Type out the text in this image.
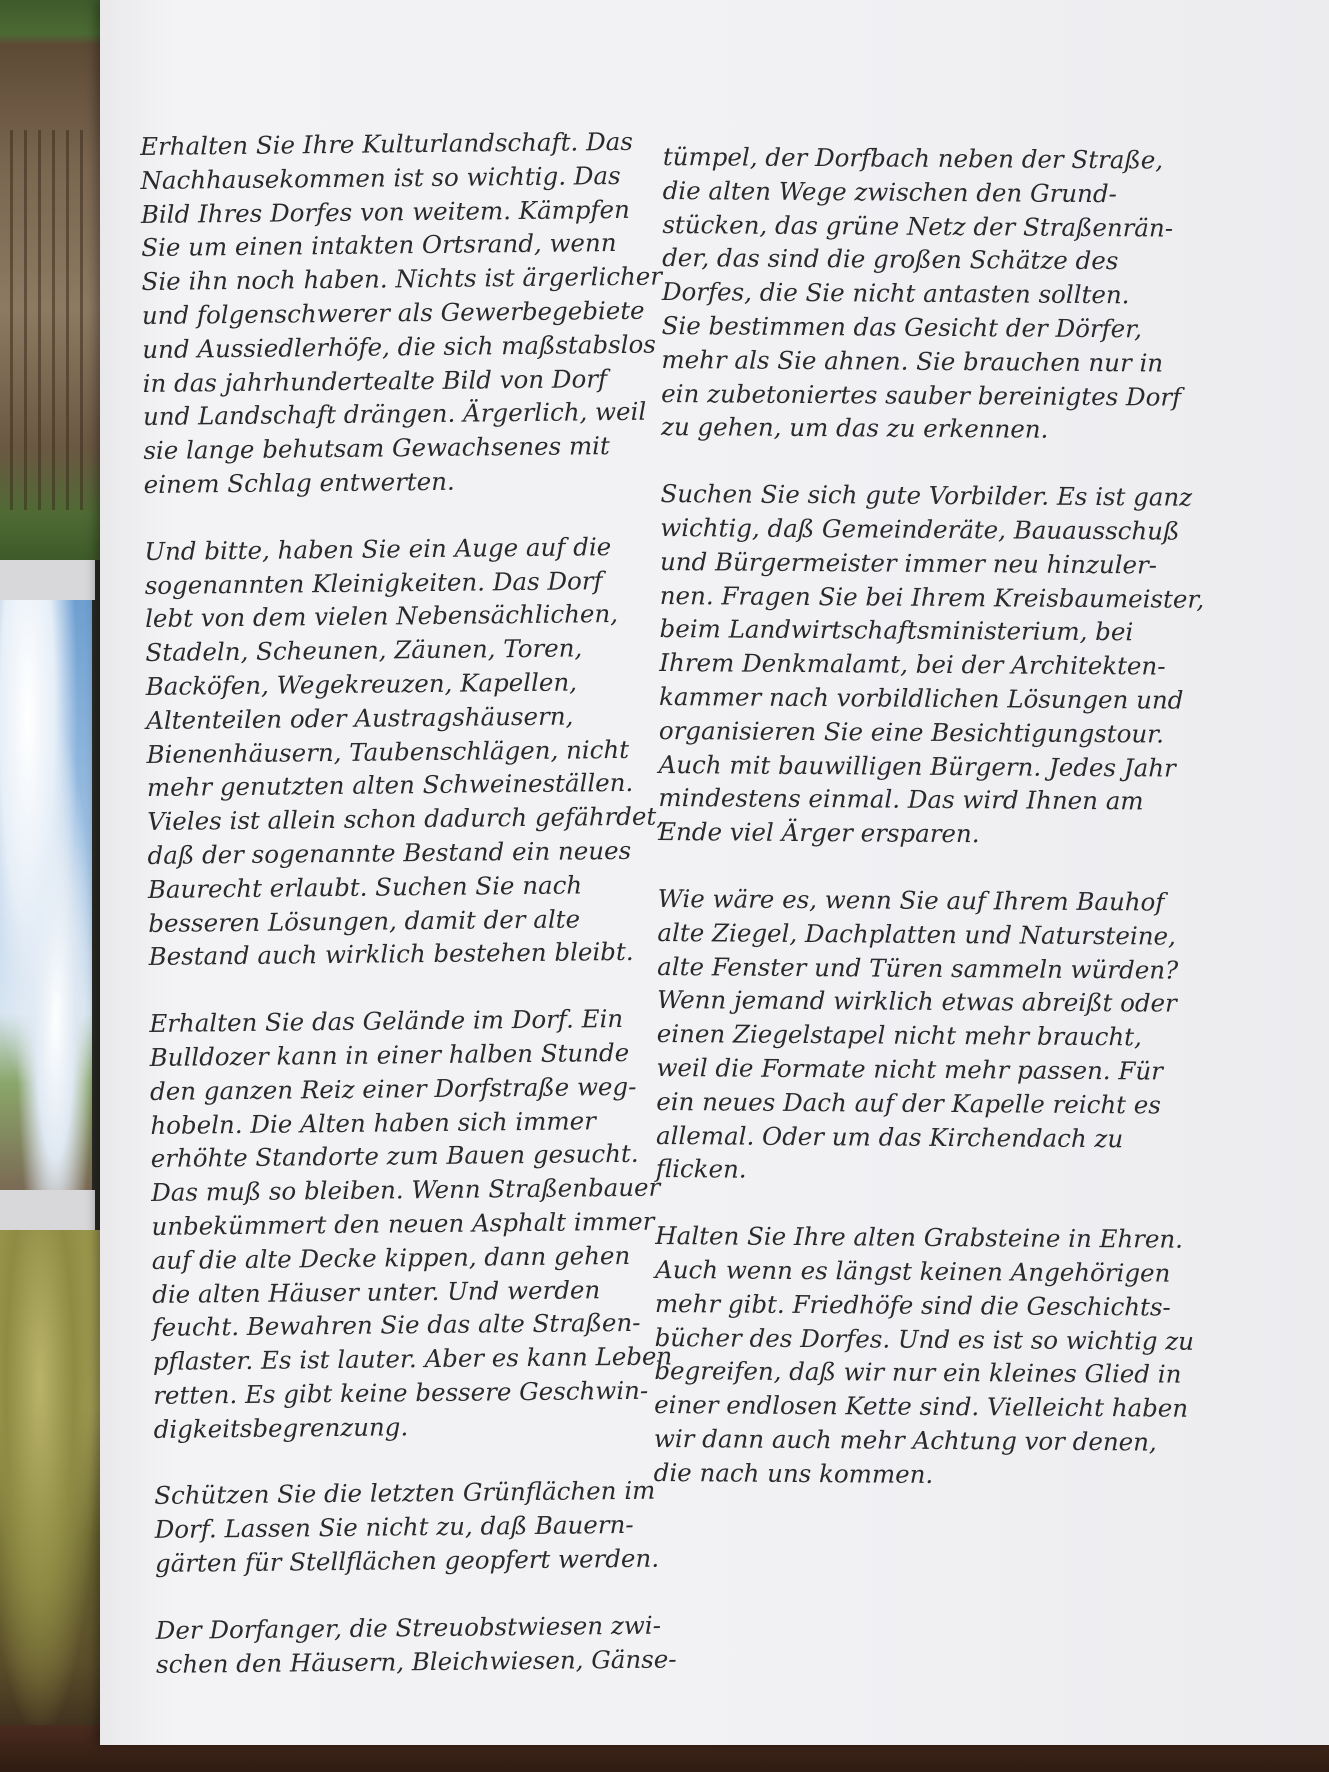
Erhalten Sie Ihre Kulturlandschaft. Das
Nachhausekommen ist so wichtig. Das
Bild Ihres Dorfes von weitem. Kämpfen
Sie um einen intakten Ortsrand, wenn
Sie ihn noch haben. Nichts ist ärgerlicher
und folgenschwerer als Gewerbegebiete
und Aussiedlerhöfe, die sich maßstabslos
in das jahrhundertealte Bild von Dorf
und Landschaft drängen. Ärgerlich, weil
sie lange behutsam Gewachsenes mit
einem Schlag entwerten.

Und bitte, haben Sie ein Auge auf die
sogenannten Kleinigkeiten. Das Dorf
lebt von dem vielen Nebensächlichen,
Stadeln, Scheunen, Zäunen, Toren,
Backöfen, Wegekreuzen, Kapellen,
Altenteilen oder Austragshäusern,
Bienenhäusern, Taubenschlägen, nicht
mehr genutzten alten Schweineställen.
Vieles ist allein schon dadurch gefährdet,
daß der sogenannte Bestand ein neues
Baurecht erlaubt. Suchen Sie nach
besseren Lösungen, damit der alte
Bestand auch wirklich bestehen bleibt.

Erhalten Sie das Gelände im Dorf. Ein
Bulldozer kann in einer halben Stunde
den ganzen Reiz einer Dorfstraße weg-
hobeln. Die Alten haben sich immer
erhöhte Standorte zum Bauen gesucht.
Das muß so bleiben. Wenn Straßenbauer
unbekümmert den neuen Asphalt immer
auf die alte Decke kippen, dann gehen
die alten Häuser unter. Und werden
feucht. Bewahren Sie das alte Straßen-
pflaster. Es ist lauter. Aber es kann Leben
retten. Es gibt keine bessere Geschwin-
digkeitsbegrenzung.

Schützen Sie die letzten Grünflächen im
Dorf. Lassen Sie nicht zu, daß Bauern-
gärten für Stellflächen geopfert werden.

Der Dorfanger, die Streuobstwiesen zwi-
schen den Häusern, Bleichwiesen, Gänse-

tümpel, der Dorfbach neben der Straße,
die alten Wege zwischen den Grund-
stücken, das grüne Netz der Straßenrän-
der, das sind die großen Schätze des
Dorfes, die Sie nicht antasten sollten.
Sie bestimmen das Gesicht der Dörfer,
mehr als Sie ahnen. Sie brauchen nur in
ein zubetoniertes sauber bereinigtes Dorf
zu gehen, um das zu erkennen.

Suchen Sie sich gute Vorbilder. Es ist ganz
wichtig, daß Gemeinderäte, Bauausschuß
und Bürgermeister immer neu hinzuler-
nen. Fragen Sie bei Ihrem Kreisbaumeister,
beim Landwirtschaftsministerium, bei
Ihrem Denkmalamt, bei der Architekten-
kammer nach vorbildlichen Lösungen und
organisieren Sie eine Besichtigungstour.
Auch mit bauwilligen Bürgern. Jedes Jahr
mindestens einmal. Das wird Ihnen am
Ende viel Ärger ersparen.

Wie wäre es, wenn Sie auf Ihrem Bauhof
alte Ziegel, Dachplatten und Natursteine,
alte Fenster und Türen sammeln würden?
Wenn jemand wirklich etwas abreißt oder
einen Ziegelstapel nicht mehr braucht,
weil die Formate nicht mehr passen. Für
ein neues Dach auf der Kapelle reicht es
allemal. Oder um das Kirchendach zu
flicken.

Halten Sie Ihre alten Grabsteine in Ehren.
Auch wenn es längst keinen Angehörigen
mehr gibt. Friedhöfe sind die Geschichts-
bücher des Dorfes. Und es ist so wichtig zu
begreifen, daß wir nur ein kleines Glied in
einer endlosen Kette sind. Vielleicht haben
wir dann auch mehr Achtung vor denen,
die nach uns kommen.
